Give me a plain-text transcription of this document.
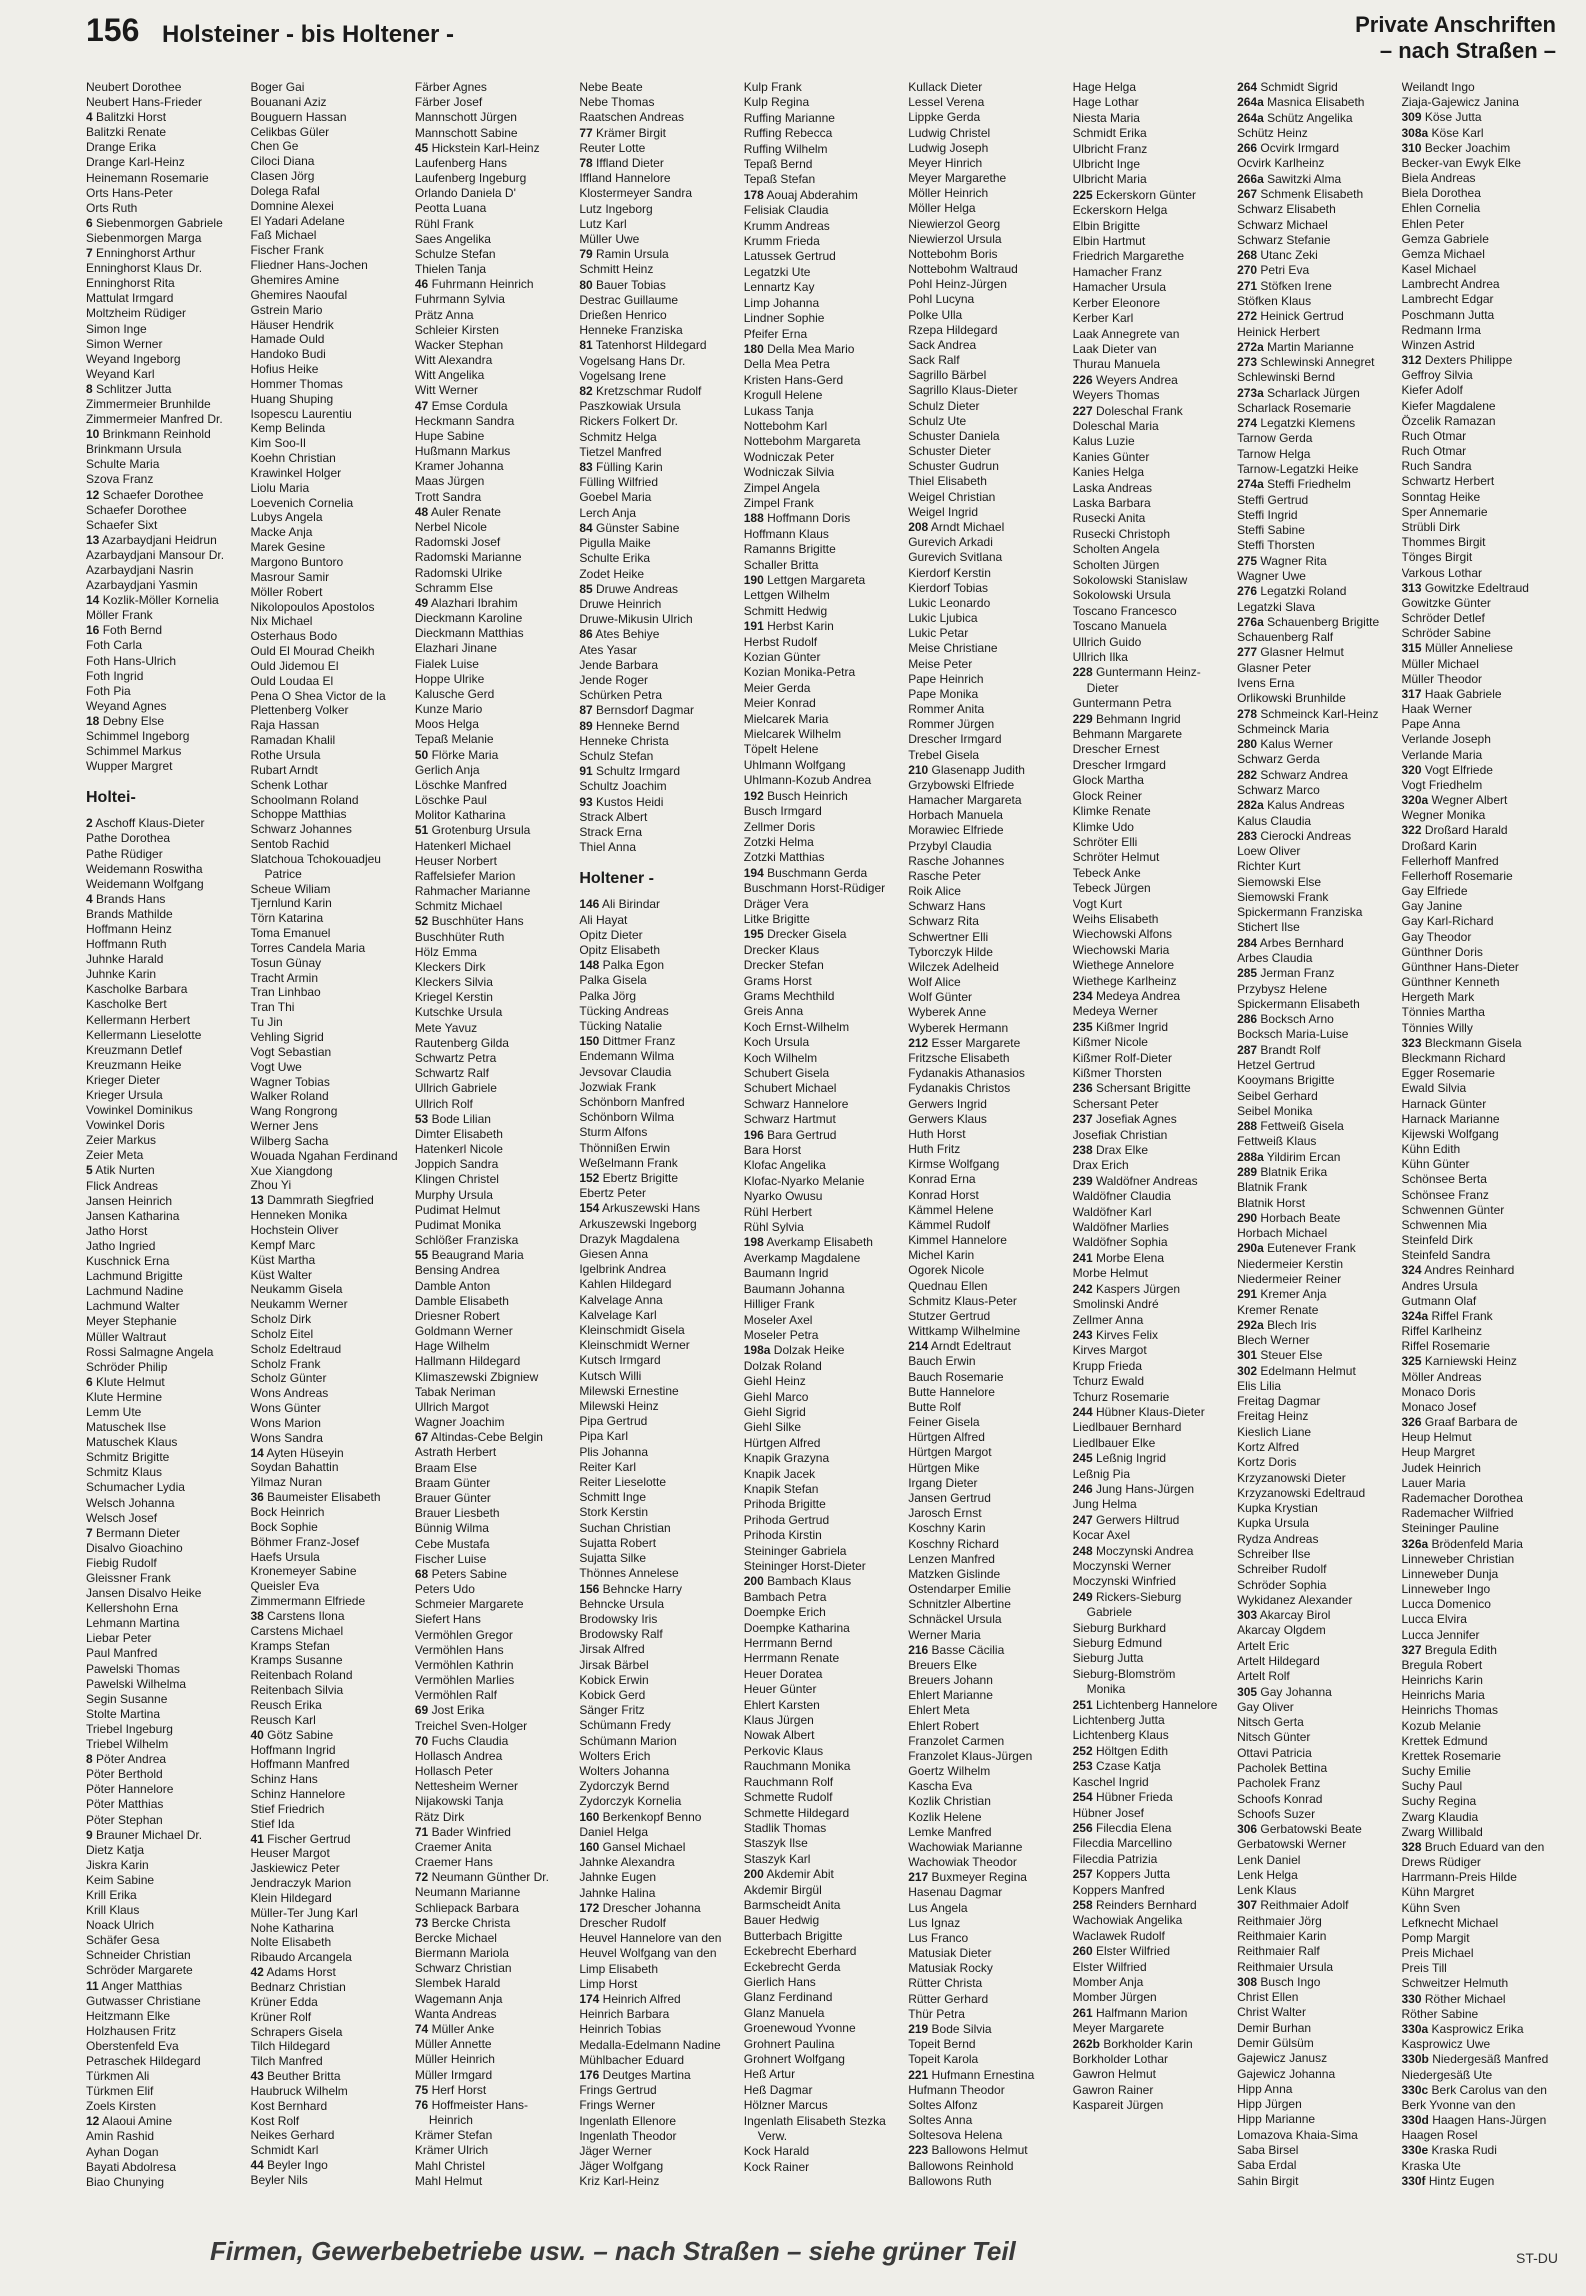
156 Holsteiner - bis Holtener -	Private Anschriften
– nach Straßen –
Neubert Dorothee
Neubert Hans-Frieder
4 Balitzki Horst
Balitzki Renate
Drange Erika
Drange Karl-Heinz
Heinemann Rosemarie
Orts Hans-Peter
Orts Ruth
6 Siebenmorgen Gabriele
Siebenmorgen Marga
7 Enninghorst Arthur
Enninghorst Klaus Dr.
Enninghorst Rita
Mattulat Irmgard
Moltzheim Rüdiger
Simon Inge
Simon Werner
Weyand Ingeborg
Weyand Karl
8 Schlitzer Jutta
Zimmermeier Brunhilde
Zimmermeier Manfred Dr.
10 Brinkmann Reinhold
Brinkmann Ursula
Schulte Maria
Szova Franz
12 Schaefer Dorothee
Schaefer Dorothee
Schaefer Sixt
13 Azarbaydjani Heidrun
Azarbaydjani Mansour Dr.
Azarbaydjani Nasrin
Azarbaydjani Yasmin
14 Kozlik-Möller Kornelia
Möller Frank
16 Foth Bernd
Foth Carla
Foth Hans-Ulrich
Foth Ingrid
Foth Pia
Weyand Agnes
18 Debny Else
Schimmel Ingeborg
Schimmel Markus
Wupper Margret
Holtei-
2 Aschoff Klaus-Dieter
Pathe Dorothea
Pathe Rüdiger
Weidemann Roswitha
Weidemann Wolfgang
4 Brands Hans
Brands Mathilde
Hoffmann Heinz
Hoffmann Ruth
Juhnke Harald
Juhnke Karin
Kascholke Barbara
Kascholke Bert
Kellermann Herbert
Kellermann Lieselotte
Kreuzmann Detlef
Kreuzmann Heike
Krieger Dieter
Krieger Ursula
Vowinkel Dominikus
Vowinkel Doris
Zeier Markus
Zeier Meta
5 Atik Nurten
Flick Andreas
Jansen Heinrich
Jansen Katharina
Jatho Horst
Jatho Ingried
Kuschnick Erna
Lachmund Brigitte
Lachmund Nadine
Lachmund Walter
Meyer Stephanie
Müller Waltraut
Rossi Salmagne Angela
Schröder Philip
6 Klute Helmut
Klute Hermine
Lemm Ute
Matuschek Ilse
Matuschek Klaus
Schmitz Brigitte
Schmitz Klaus
Schumacher Lydia
Welsch Johanna
Welsch Josef
7 Bermann Dieter
Disalvo Gioachino
Fiebig Rudolf
Gleissner Frank
Jansen Disalvo Heike
Kellershohn Erna
Lehmann Martina
Liebar Peter
Paul Manfred
Pawelski Thomas
Pawelski Wilhelma
Segin Susanne
Stolte Martina
Triebel Ingeburg
Triebel Wilhelm
8 Pöter Andrea
Pöter Berthold
Pöter Hannelore
Pöter Matthias
Pöter Stephan
9 Brauner Michael Dr.
Dietz Katja
Jiskra Karin
Keim Sabine
Krill Erika
Krill Klaus
Noack Ulrich
Schäfer Gesa
Schneider Christian
Schröder Margarete
11 Anger Matthias
Gutwasser Christiane
Heitzmann Elke
Holzhausen Fritz
Oberstenfeld Eva
Petraschek Hildegard
Türkmen Ali
Türkmen Elif
Zoels Kirsten
12 Alaoui Amine
Amin Rashid
Ayhan Dogan
Bayati Abdolresa
Biao Chunying
Boger Gai
Bouanani Aziz
Bouguern Hassan
Celikbas Güler
Chen Ge
Ciloci Diana
Clasen Jörg
Dolega Rafal
Domnine Alexei
El Yadari Adelane
Faß Michael
Fischer Frank
Fliedner Hans-Jochen
Ghemires Amine
Ghemires Naoufal
Gstrein Mario
Häuser Hendrik
Hamade Ould
Handoko Budi
Hofius Heike
Hommer Thomas
Huang Shuping
Isopescu Laurentiu
Kemp Belinda
Kim Soo-Il
Koehn Christian
Krawinkel Holger
Liolu Maria
Loevenich Cornelia
Lubys Angela
Macke Anja
Marek Gesine
Margono Buntoro
Masrour Samir
Möller Robert
Nikolopoulos Apostolos
Nix Michael
Osterhaus Bodo
Ould El Mourad Cheikh
Ould Jidemou El
Ould Loudaa El
Pena O Shea Victor de la
Plettenberg Volker
Raja Hassan
Ramadan Khalil
Rothe Ursula
Rubart Arndt
Schenk Lothar
Schoolmann Roland
Schoppe Matthias
Schwarz Johannes
Sentob Rachid
Slatchoua Tchokouadjeu
Patrice
Scheue Wiliam
Tjernlund Karin
Törn Katarina
Toma Emanuel
Torres Candela Maria
Tosun Günay
Tracht Armin
Tran Linhbao
Tran Thi
Tu Jin
Vehling Sigrid
Vogt Sebastian
Vogt Uwe
Wagner Tobias
Walker Roland
Wang Rongrong
Werner Jens
Wilberg Sacha
Wouada Ngahan Ferdinand
Xue Xiangdong
Zhou Yi
13 Dammrath Siegfried
Henneken Monika
Hochstein Oliver
Kempf Marc
Küst Martha
Küst Walter
Neukamm Gisela
Neukamm Werner
Scholz Dirk
Scholz Eitel
Scholz Edeltraud
Scholz Frank
Scholz Günter
Wons Andreas
Wons Günter
Wons Marion
Wons Sandra
14 Ayten Hüseyin
Soydan Bahattin
Yilmaz Nuran
36 Baumeister Elisabeth
Bock Heinrich
Bock Sophie
Böhmer Franz-Josef
Haefs Ursula
Kronemeyer Sabine
Queisler Eva
Zimmermann Elfriede
38 Carstens Ilona
Carstens Michael
Kramps Stefan
Kramps Susanne
Reitenbach Roland
Reitenbach Silvia
Reusch Erika
Reusch Karl
40 Götz Sabine
Hoffmann Ingrid
Hoffmann Manfred
Schinz Hans
Schinz Hannelore
Stief Friedrich
Stief Ida
41 Fischer Gertrud
Heuser Margot
Jaskiewicz Peter
Jendraczyk Marion
Klein Hildegard
Müller-Ter Jung Karl
Nohe Katharina
Nolte Elisabeth
Ribaudo Arcangela
42 Adams Horst
Bednarz Christian
Krüner Edda
Krüner Rolf
Schrapers Gisela
Tilch Hildegard
Tilch Manfred
43 Beuther Britta
Haubruck Wilhelm
Kost Bernhard
Kost Rolf
Neikes Gerhard
Schmidt Karl
44 Beyler Ingo
Beyler Nils
Färber Agnes
Färber Josef
Mannschott Jürgen
Mannschott Sabine
45 Hickstein Karl-Heinz
Laufenberg Hans
Laufenberg Ingeburg
Orlando Daniela D'
Peotta Luana
Rühl Frank
Saes Angelika
Schulze Stefan
Thielen Tanja
46 Fuhrmann Heinrich
Fuhrmann Sylvia
Prätz Anna
Schleier Kirsten
Wacker Stephan
Witt Alexandra
Witt Angelika
Witt Werner
47 Emse Cordula
Heckmann Sandra
Hupe Sabine
Hußmann Markus
Kramer Johanna
Maas Jürgen
Trott Sandra
48 Auler Renate
Nerbel Nicole
Radomski Josef
Radomski Marianne
Radomski Ulrike
Schramm Else
49 Alazhari Ibrahim
Dieckmann Karoline
Dieckmann Matthias
Elazhari Jinane
Fialek Luise
Hoppe Ulrike
Kalusche Gerd
Kunze Mario
Moos Helga
Tepaß Melanie
50 Flörke Maria
Gerlich Anja
Löschke Manfred
Löschke Paul
Molitor Katharina
51 Grotenburg Ursula
Hatenkerl Michael
Heuser Norbert
Raffelsiefer Marion
Rahmacher Marianne
Schmitz Michael
52 Buschhüter Hans
Buschhüter Ruth
Hölz Emma
Kleckers Dirk
Kleckers Silvia
Kriegel Kerstin
Kutschke Ursula
Mete Yavuz
Rautenberg Gilda
Schwartz Petra
Schwartz Ralf
Ullrich Gabriele
Ullrich Rolf
53 Bode Lilian
Dimter Elisabeth
Hatenkerl Nicole
Joppich Sandra
Klingen Christel
Murphy Ursula
Pudimat Helmut
Pudimat Monika
Schlößer Franziska
55 Beaugrand Maria
Bensing Andrea
Damble Anton
Damble Elisabeth
Driesner Robert
Goldmann Werner
Hage Wilhelm
Hallmann Hildegard
Klimaszewski Zbigniew
Tabak Neriman
Ullrich Margot
Wagner Joachim
67 Altindas-Cebe Belgin
Astrath Herbert
Braam Else
Braam Günter
Brauer Günter
Brauer Liesbeth
Bünnig Wilma
Cebe Mustafa
Fischer Luise
68 Peters Sabine
Peters Udo
Schmeier Margarete
Siefert Hans
Vermöhlen Gregor
Vermöhlen Hans
Vermöhlen Kathrin
Vermöhlen Marlies
Vermöhlen Ralf
69 Jost Erika
Treichel Sven-Holger
70 Fuchs Claudia
Hollasch Andrea
Hollasch Peter
Nettesheim Werner
Nijakowski Tanja
Rätz Dirk
71 Bader Winfried
Craemer Anita
Craemer Hans
72 Neumann Günther Dr.
Neumann Marianne
Schliepack Barbara
73 Bercke Christa
Bercke Michael
Biermann Mariola
Schwarz Christian
Slembek Harald
Wagemann Anja
Wanta Andreas
74 Müller Anke
Müller Annette
Müller Heinrich
Müller Irmgard
75 Herf Horst
76 Hoffmeister Hans-
Heinrich
Krämer Stefan
Krämer Ulrich
Mahl Christel
Mahl Helmut
Nebe Beate
Nebe Thomas
Raatschen Andreas
77 Krämer Birgit
Reuter Lotte
78 Iffland Dieter
Iffland Hannelore
Klostermeyer Sandra
Lutz Ingeborg
Lutz Karl
Müller Uwe
79 Ramin Ursula
Schmitt Heinz
80 Bauer Tobias
Destrac Guillaume
Drießen Henrico
Henneke Franziska
81 Tatenhorst Hildegard
Vogelsang Hans Dr.
Vogelsang Irene
82 Kretzschmar Rudolf
Paszkowiak Ursula
Rickers Folkert Dr.
Schmitz Helga
Tietzel Manfred
83 Fülling Karin
Fülling Wilfried
Goebel Maria
Lerch Anja
84 Günster Sabine
Pigulla Maike
Schulte Erika
Zodet Heike
85 Druwe Andreas
Druwe Heinrich
Druwe-Mikusin Ulrich
86 Ates Behiye
Ates Yasar
Jende Barbara
Jende Roger
Schürken Petra
87 Bernsdorf Dagmar
89 Henneke Bernd
Henneke Christa
Schulz Stefan
91 Schultz Irmgard
Schultz Joachim
93 Kustos Heidi
Strack Albert
Strack Erna
Thiel Anna
Holtener -
146 Ali Birindar
Ali Hayat
Opitz Dieter
Opitz Elisabeth
148 Palka Egon
Palka Gisela
Palka Jörg
Tücking Andreas
Tücking Natalie
150 Dittmer Franz
Endemann Wilma
Jevsovar Claudia
Jozwiak Frank
Schönborn Manfred
Schönborn Wilma
Sturm Alfons
Thönnißen Erwin
Weßelmann Frank
152 Ebertz Brigitte
Ebertz Peter
154 Arkuszewski Hans
Arkuszewski Ingeborg
Drazyk Magdalena
Giesen Anna
Igelbrink Andrea
Kahlen Hildegard
Kalvelage Anna
Kalvelage Karl
Kleinschmidt Gisela
Kleinschmidt Werner
Kutsch Irmgard
Kutsch Willi
Milewski Ernestine
Milewski Heinz
Pipa Gertrud
Pipa Karl
Plis Johanna
Reiter Karl
Reiter Lieselotte
Schmitt Inge
Stork Kerstin
Suchan Christian
Sujatta Robert
Sujatta Silke
Thönnes Annelese
156 Behncke Harry
Behncke Ursula
Brodowsky Iris
Brodowsky Ralf
Jirsak Alfred
Jirsak Bärbel
Kobick Erwin
Kobick Gerd
Sänger Fritz
Schümann Fredy
Schümann Marion
Wolters Erich
Wolters Johanna
Zydorczyk Bernd
Zydorczyk Kornelia
160 Berkenkopf Benno
Daniel Helga
160 Gansel Michael
Jahnke Alexandra
Jahnke Eugen
Jahnke Halina
172 Drescher Johanna
Drescher Rudolf
Heuvel Hannelore van den
Heuvel Wolfgang van den
Limp Elisabeth
Limp Horst
174 Heinrich Alfred
Heinrich Barbara
Heinrich Tobias
Medalla-Edelmann Nadine
Mühlbacher Eduard
176 Deutges Martina
Frings Gertrud
Frings Werner
Ingenlath Ellenore
Ingenlath Theodor
Jäger Werner
Jäger Wolfgang
Kriz Karl-Heinz
Kulp Frank
Kulp Regina
Ruffing Marianne
Ruffing Rebecca
Ruffing Wilhelm
Tepaß Bernd
Tepaß Stefan
178 Aouaj Abderahim
Felisiak Claudia
Krumm Andreas
Krumm Frieda
Latussek Gertrud
Legatzki Ute
Lennartz Kay
Limp Johanna
Lindner Sophie
Pfeifer Erna
180 Della Mea Mario
Della Mea Petra
Kristen Hans-Gerd
Krogull Helene
Lukass Tanja
Nottebohm Karl
Nottebohm Margareta
Wodniczak Peter
Wodniczak Silvia
Zimpel Angela
Zimpel Frank
188 Hoffmann Doris
Hoffmann Klaus
Ramanns Brigitte
Schaller Britta
190 Lettgen Margareta
Lettgen Wilhelm
Schmitt Hedwig
191 Herbst Karin
Herbst Rudolf
Kozian Günter
Kozian Monika-Petra
Meier Gerda
Meier Konrad
Mielcarek Maria
Mielcarek Wilhelm
Töpelt Helene
Uhlmann Wolfgang
Uhlmann-Kozub Andrea
192 Busch Heinrich
Busch Irmgard
Zellmer Doris
Zotzki Helma
Zotzki Matthias
194 Buschmann Gerda
Buschmann Horst-Rüdiger
Dräger Vera
Litke Brigitte
195 Drecker Gisela
Drecker Klaus
Drecker Stefan
Grams Horst
Grams Mechthild
Greis Anna
Koch Ernst-Wilhelm
Koch Ursula
Koch Wilhelm
Schubert Gisela
Schubert Michael
Schwarz Hannelore
Schwarz Hartmut
196 Bara Gertrud
Bara Horst
Klofac Angelika
Klofac-Nyarko Melanie
Nyarko Owusu
Rühl Herbert
Rühl Sylvia
198 Averkamp Elisabeth
Averkamp Magdalene
Baumann Ingrid
Baumann Johanna
Hilliger Frank
Moseler Axel
Moseler Petra
198a Dolzak Heike
Dolzak Roland
Giehl Heinz
Giehl Marco
Giehl Sigrid
Giehl Silke
Hürtgen Alfred
Knapik Grazyna
Knapik Jacek
Knapik Stefan
Prihoda Brigitte
Prihoda Gertrud
Prihoda Kirstin
Steininger Gabriela
Steininger Horst-Dieter
200 Bambach Klaus
Bambach Petra
Doempke Erich
Doempke Katharina
Herrmann Bernd
Herrmann Renate
Heuer Doratea
Heuer Günter
Ehlert Karsten
Klaus Jürgen
Nowak Albert
Perkovic Klaus
Rauchmann Monika
Rauchmann Rolf
Schmette Rudolf
Schmette Hildegard
Stadlik Thomas
Staszyk Ilse
Staszyk Karl
200 Akdemir Abit
Akdemir Birgül
Barmscheidt Anita
Bauer Hedwig
Butterbach Brigitte
Eckebrecht Eberhard
Eckebrecht Gerda
Gierlich Hans
Glanz Ferdinand
Glanz Manuela
Groenewoud Yvonne
Grohnert Paulina
Grohnert Wolfgang
Heß Artur
Heß Dagmar
Hölzner Marcus
Ingenlath Elisabeth Stezka
Verw.
Kock Harald
Kock Rainer
Kullack Dieter
Lessel Verena
Lippke Gerda
Ludwig Christel
Ludwig Joseph
Meyer Hinrich
Meyer Margarethe
Möller Heinrich
Möller Helga
Niewierzol Georg
Niewierzol Ursula
Nottebohm Boris
Nottebohm Waltraud
Pohl Heinz-Jürgen
Pohl Lucyna
Polke Ulla
Rzepa Hildegard
Sack Andrea
Sack Ralf
Sagrillo Bärbel
Sagrillo Klaus-Dieter
Schulz Dieter
Schulz Ute
Schuster Daniela
Schuster Dieter
Schuster Gudrun
Thiel Elisabeth
Weigel Christian
Weigel Ingrid
208 Arndt Michael
Gurevich Arkadi
Gurevich Svitlana
Kierdorf Kerstin
Kierdorf Tobias
Lukic Leonardo
Lukic Ljubica
Lukic Petar
Meise Christiane
Meise Peter
Pape Heinrich
Pape Monika
Rommer Anita
Rommer Jürgen
Drescher Irmgard
Trebel Gisela
210 Glasenapp Judith
Grzybowski Elfriede
Hamacher Margareta
Horbach Manuela
Morawiec Elfriede
Przybyl Claudia
Rasche Johannes
Rasche Peter
Roik Alice
Schwarz Hans
Schwarz Rita
Schwertner Elli
Tyborczyk Hilde
Wilczek Adelheid
Wolf Alice
Wolf Günter
Wyberek Anne
Wyberek Hermann
212 Esser Margarete
Fritzsche Elisabeth
Fydanakis Athanasios
Fydanakis Christos
Gerwers Ingrid
Gerwers Klaus
Huth Horst
Huth Fritz
Kirmse Wolfgang
Konrad Erna
Konrad Horst
Kämmel Helene
Kämmel Rudolf
Kimmel Hannelore
Michel Karin
Ogorek Nicole
Quednau Ellen
Schmitz Klaus-Peter
Stutzer Gertrud
Wittkamp Wilhelmine
214 Arndt Edeltraut
Bauch Erwin
Bauch Rosemarie
Butte Hannelore
Butte Rolf
Feiner Gisela
Hürtgen Alfred
Hürtgen Margot
Hürtgen Mike
Irgang Dieter
Jansen Gertrud
Jarosch Ernst
Koschny Karin
Koschny Richard
Lenzen Manfred
Matzken Gislinde
Ostendarper Emilie
Schnitzler Albertine
Schnäckel Ursula
Werner Maria
216 Basse Cäcilia
Breuers Elke
Breuers Johann
Ehlert Marianne
Ehlert Meta
Ehlert Robert
Franzolet Carmen
Franzolet Klaus-Jürgen
Goertz Wilhelm
Kascha Eva
Kozlik Christian
Kozlik Helene
Lemke Manfred
Wachowiak Marianne
Wachowiak Theodor
217 Buxmeyer Regina
Hasenau Dagmar
Lus Angela
Lus Ignaz
Lus Franco
Matusiak Dieter
Matusiak Rocky
Rütter Christa
Rütter Gerhard
Thür Petra
219 Bode Silvia
Topeit Bernd
Topeit Karola
221 Hufmann Ernestina
Hufmann Theodor
Soltes Alfonz
Soltes Anna
Soltesova Helena
223 Ballowons Helmut
Ballowons Reinhold
Ballowons Ruth
Hage Helga
Hage Lothar
Niesta Maria
Schmidt Erika
Ulbricht Franz
Ulbricht Inge
Ulbricht Maria
225 Eckerskorn Günter
Eckerskorn Helga
Elbin Brigitte
Elbin Hartmut
Friedrich Margarethe
Hamacher Franz
Hamacher Ursula
Kerber Eleonore
Kerber Karl
Laak Annegrete van
Laak Dieter van
Thurau Manuela
226 Weyers Andrea
Weyers Thomas
227 Doleschal Frank
Doleschal Maria
Kalus Luzie
Kanies Günter
Kanies Helga
Laska Andreas
Laska Barbara
Rusecki Anita
Rusecki Christoph
Scholten Angela
Scholten Jürgen
Sokolowski Stanislaw
Sokolowski Ursula
Toscano Francesco
Toscano Manuela
Ullrich Guido
Ullrich Ilka
228 Guntermann Heinz-
Dieter
Guntermann Petra
229 Behmann Ingrid
Behmann Margarete
Drescher Ernest
Drescher Irmgard
Glock Martha
Glock Reiner
Klimke Renate
Klimke Udo
Schröter Elli
Schröter Helmut
Tebeck Anke
Tebeck Jürgen
Vogt Kurt
Weihs Elisabeth
Wiechowski Alfons
Wiechowski Maria
Wiethege Annelore
Wiethege Karlheinz
234 Medeya Andrea
Medeya Werner
235 Kißmer Ingrid
Kißmer Nicole
Kißmer Rolf-Dieter
Kißmer Thorsten
236 Schersant Brigitte
Schersant Peter
237 Josefiak Agnes
Josefiak Christian
238 Drax Elke
Drax Erich
239 Waldöfner Andreas
Waldöfner Claudia
Waldöfner Karl
Waldöfner Marlies
Waldöfner Sophia
241 Morbe Elena
Morbe Helmut
242 Kaspers Jürgen
Smolinski André
Zellmer Anna
243 Kirves Felix
Kirves Margot
Krupp Frieda
Tchurz Ewald
Tchurz Rosemarie
244 Hübner Klaus-Dieter
Liedlbauer Bernhard
Liedlbauer Elke
245 Leßnig Ingrid
Leßnig Pia
246 Jung Hans-Jürgen
Jung Helma
247 Gerwers Hiltrud
Kocar Axel
248 Moczynski Andrea
Moczynski Werner
Moczynski Winfried
249 Rickers-Sieburg
Gabriele
Sieburg Burkhard
Sieburg Edmund
Sieburg Jutta
Sieburg-Blomström
Monika
251 Lichtenberg Hannelore
Lichtenberg Jutta
Lichtenberg Klaus
252 Höltgen Edith
253 Czase Katja
Kaschel Ingrid
254 Hübner Frieda
Hübner Josef
256 Filecdia Elena
Filecdia Marcellino
Filecdia Patrizia
257 Koppers Jutta
Koppers Manfred
258 Reinders Bernhard
Wachowiak Angelika
Waclawek Rudolf
260 Elster Wilfried
Elster Wilfried
Momber Anja
Momber Jürgen
261 Halfmann Marion
Meyer Margarete
262b Borkholder Karin
Borkholder Lothar
Gawron Helmut
Gawron Rainer
Kaspareit Jürgen
264 Schmidt Sigrid
264a Masnica Elisabeth
264a Schütz Angelika
Schütz Heinz
266 Ocvirk Irmgard
Ocvirk Karlheinz
266a Sawitzki Alma
267 Schmenk Elisabeth
Schwarz Elisabeth
Schwarz Michael
Schwarz Stefanie
268 Utanc Zeki
270 Petri Eva
271 Stöfken Irene
Stöfken Klaus
272 Heinick Gertrud
Heinick Herbert
272a Martin Marianne
273 Schlewinski Annegret
Schlewinski Bernd
273a Scharlack Jürgen
Scharlack Rosemarie
274 Legatzki Klemens
Tarnow Gerda
Tarnow Helga
Tarnow-Legatzki Heike
274a Steffi Friedhelm
Steffi Gertrud
Steffi Ingrid
Steffi Sabine
Steffi Thorsten
275 Wagner Rita
Wagner Uwe
276 Legatzki Roland
Legatzki Slava
276a Schauenberg Brigitte
Schauenberg Ralf
277 Glasner Helmut
Glasner Peter
Ivens Erna
Orlikowski Brunhilde
278 Schmeinck Karl-Heinz
Schmeinck Maria
280 Kalus Werner
Schwarz Gerda
282 Schwarz Andrea
Schwarz Marco
282a Kalus Andreas
Kalus Claudia
283 Cierocki Andreas
Loew Oliver
Richter Kurt
Siemowski Else
Siemowski Frank
Spickermann Franziska
Stichert Ilse
284 Arbes Bernhard
Arbes Claudia
285 Jerman Franz
Przybysz Helene
Spickermann Elisabeth
286 Bocksch Arno
Bocksch Maria-Luise
287 Brandt Rolf
Hetzel Gertrud
Kooymans Brigitte
Seibel Gerhard
Seibel Monika
288 Fettweiß Gisela
Fettweiß Klaus
288a Yildirim Ercan
289 Blatnik Erika
Blatnik Frank
Blatnik Horst
290 Horbach Beate
Horbach Michael
290a Eutenever Frank
Niedermeier Kerstin
Niedermeier Reiner
291 Kremer Anja
Kremer Renate
292a Blech Iris
Blech Werner
301 Steuer Else
302 Edelmann Helmut
Elis Lilia
Freitag Dagmar
Freitag Heinz
Kieslich Liane
Kortz Alfred
Kortz Doris
Krzyzanowski Dieter
Krzyzanowski Edeltraud
Kupka Krystian
Kupka Ursula
Rydza Andreas
Schreiber Ilse
Schreiber Rudolf
Schröder Sophia
Wykidanez Alexander
303 Akarcay Birol
Akarcay Olgdem
Artelt Eric
Artelt Hildegard
Artelt Rolf
305 Gay Johanna
Gay Oliver
Nitsch Gerta
Nitsch Günter
Ottavi Patricia
Pacholek Bettina
Pacholek Franz
Schoofs Konrad
Schoofs Suzer
306 Gerbatowski Beate
Gerbatowski Werner
Lenk Daniel
Lenk Helga
Lenk Klaus
307 Reithmaier Adolf
Reithmaier Jörg
Reithmaier Karin
Reithmaier Ralf
Reithmaier Ursula
308 Busch Ingo
Christ Ellen
Christ Walter
Demir Burhan
Demir Gülsüm
Gajewicz Janusz
Gajewicz Johanna
Hipp Anna
Hipp Jürgen
Hipp Marianne
Lomazova Khaia-Sima
Saba Birsel
Saba Erdal
Sahin Birgit
Weilandt Ingo
Ziaja-Gajewicz Janina
309 Köse Jutta
308a Köse Karl
310 Becker Joachim
Becker-van Ewyk Elke
Biela Andreas
Biela Dorothea
Ehlen Cornelia
Ehlen Peter
Gemza Gabriele
Gemza Michael
Kasel Michael
Lambrecht Andrea
Lambrecht Edgar
Poschmann Jutta
Redmann Irma
Winzen Astrid
312 Dexters Philippe
Geffroy Silvia
Kiefer Adolf
Kiefer Magdalene
Özcelik Ramazan
Ruch Otmar
Ruch Otmar
Ruch Sandra
Schwartz Herbert
Sonntag Heike
Sper Annemarie
Strübli Dirk
Thommes Birgit
Tönges Birgit
Varkous Lothar
313 Gowitzke Edeltraud
Gowitzke Günter
Schröder Detlef
Schröder Sabine
315 Müller Anneliese
Müller Michael
Müller Theodor
317 Haak Gabriele
Haak Werner
Pape Anna
Verlande Joseph
Verlande Maria
320 Vogt Elfriede
Vogt Friedhelm
320a Wegner Albert
Wegner Monika
322 Droßard Harald
Droßard Karin
Fellerhoff Manfred
Fellerhoff Rosemarie
Gay Elfriede
Gay Janine
Gay Karl-Richard
Gay Theodor
Günthner Doris
Günthner Hans-Dieter
Günthner Kenneth
Hergeth Mark
Tönnies Martha
Tönnies Willy
323 Bleckmann Gisela
Bleckmann Richard
Egger Rosemarie
Ewald Silvia
Harnack Günter
Harnack Marianne
Kijewski Wolfgang
Kühn Edith
Kühn Günter
Schönsee Berta
Schönsee Franz
Schwennen Günter
Schwennen Mia
Steinfeld Dirk
Steinfeld Sandra
324 Andres Reinhard
Andres Ursula
Gutmann Olaf
324a Riffel Frank
Riffel Karlheinz
Riffel Rosemarie
325 Karniewski Heinz
Möller Andreas
Monaco Doris
Monaco Josef
326 Graaf Barbara de
Heup Helmut
Heup Margret
Judek Heinrich
Lauer Maria
Rademacher Dorothea
Rademacher Wilfried
Steininger Pauline
326a Brödenfeld Maria
Linneweber Christian
Linneweber Dunja
Linneweber Ingo
Lucca Domenico
Lucca Elvira
Lucca Jennifer
327 Bregula Edith
Bregula Robert
Heinrichs Karin
Heinrichs Maria
Heinrichs Thomas
Kozub Melanie
Krettek Edmund
Krettek Rosemarie
Suchy Emilie
Suchy Paul
Suchy Regina
Zwarg Klaudia
Zwarg Willibald
328 Bruch Eduard van den
Drews Rüdiger
Harrmann-Preis Hilde
Kühn Margret
Kühn Sven
Lefknecht Michael
Pomp Margit
Preis Michael
Preis Till
Schweitzer Helmuth
330 Röther Michael
Röther Sabine
330a Kasprowicz Erika
Kasprowicz Uwe
330b Niedergesäß Manfred
Niedergesäß Ute
330c Berk Carolus van den
Berk Yvonne van den
330d Haagen Hans-Jürgen
Haagen Rosel
330e Kraska Rudi
Kraska Ute
330f Hintz Eugen
Firmen, Gewerbebetriebe usw. – nach Straßen – siehe grüner Teil	ST-DU
